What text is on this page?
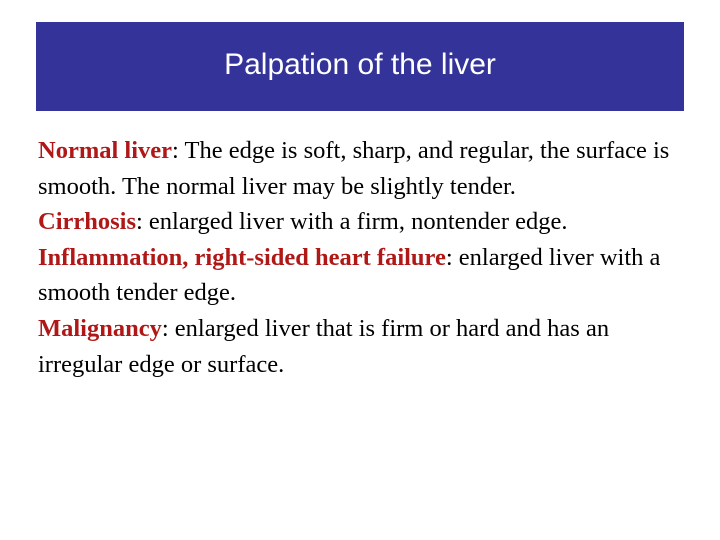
Palpation of the liver

Normal liver: The edge is soft, sharp, and regular, the surface is smooth. The normal liver may be slightly tender.

Cirrhosis: enlarged liver with a firm, nontender edge.

Inflammation, right-sided heart failure: enlarged liver with a smooth tender edge.

Malignancy: enlarged liver that is firm or hard and has an irregular edge or surface.
